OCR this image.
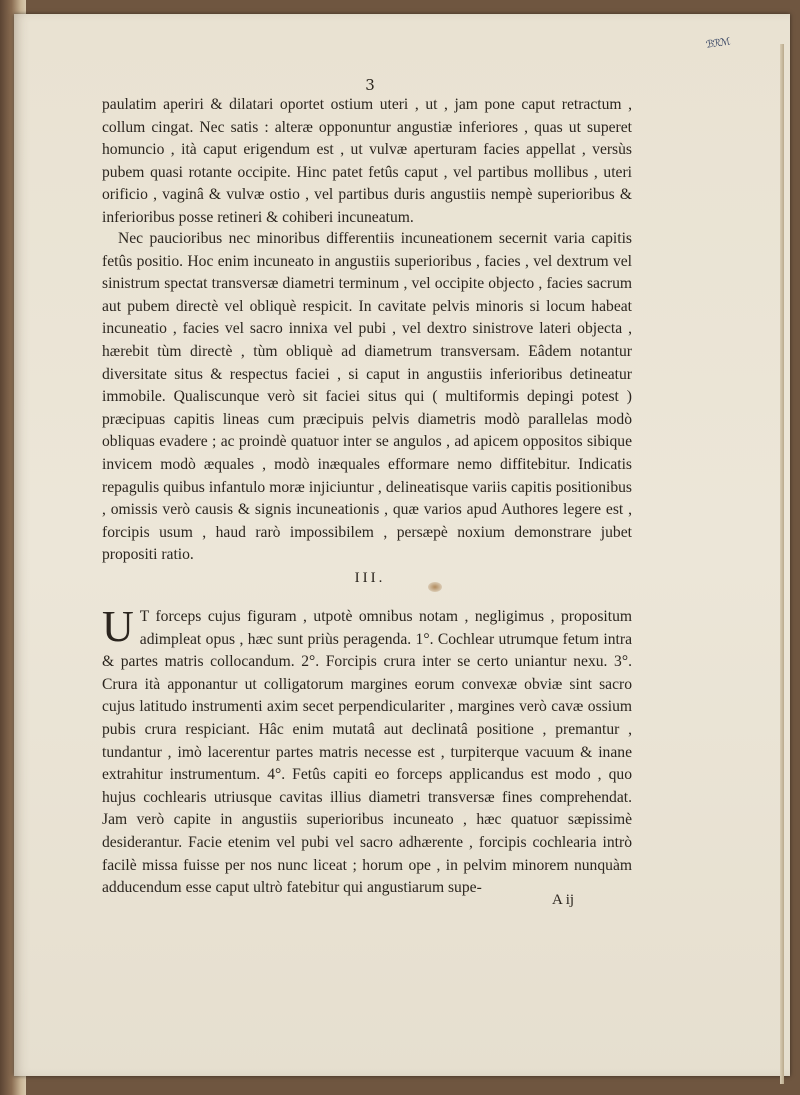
ℬℛℳ
3
paulatim aperiri & dilatari oportet ostium uteri , ut , jam pone caput retractum , collum cingat. Nec satis : alteræ opponuntur angustiæ inferiores , quas ut superet homuncio , ità caput erigendum est , ut vulvæ aperturam facies appellat , versùs pubem quasi rotante occipite. Hinc patet fetûs caput , vel partibus mollibus , uteri orificio , vaginâ & vulvæ ostio , vel partibus duris angustiis nempè superioribus & inferioribus posse retineri & cohiberi incuneatum.
Nec paucioribus nec minoribus differentiis incuneationem secernit varia capitis fetûs positio. Hoc enim incuneato in angustiis superioribus , facies , vel dextrum vel sinistrum spectat transversæ diametri terminum , vel occipite objecto , facies sacrum aut pubem directè vel obliquè respicit. In cavitate pelvis minoris si locum habeat incuneatio , facies vel sacro innixa vel pubi , vel dextro sinistrove lateri objecta , hærebit tùm directè , tùm obliquè ad diametrum transversam. Eâdem notantur diversitate situs & respectus faciei , si caput in angustiis inferioribus detineatur immobile. Qualiscunque verò sit faciei situs qui ( multiformis depingi potest ) præcipuas capitis lineas cum præcipuis pelvis diametris modò parallelas modò obliquas evadere ; ac proindè quatuor inter se angulos , ad apicem oppositos sibique invicem modò æquales , modò inæquales efformare nemo diffitebitur. Indicatis repagulis quibus infantulo moræ injiciuntur , delineatisque variis capitis positionibus , omissis verò causis & signis incuneationis , quæ varios apud Authores legere est , forcipis usum , haud rarò impossibilem , persæpè noxium demonstrare jubet propositi ratio.
III.
U T forceps cujus figuram , utpotè omnibus notam , negligimus , propositum adimpleat opus , hæc sunt priùs peragenda. 1°. Cochlear utrumque fetum intra & partes matris collocandum. 2°. Forcipis crura inter se certo uniantur nexu. 3°. Crura ità apponantur ut colligatorum margines eorum convexæ obviæ sint sacro cujus latitudo instrumenti axim secet perpendiculariter , margines verò cavæ ossium pubis crura respiciant. Hâc enim mutatâ aut declinatâ positione , premantur , tundantur , imò lacerentur partes matris necesse est , turpiterque vacuum & inane extrahitur instrumentum. 4°. Fetûs capiti eo forceps applicandus est modo , quo hujus cochlearis utriusque cavitas illius diametri transversæ fines comprehendat. Jam verò capite in angustiis superioribus incuneato , hæc quatuor sæpissimè desiderantur. Facie etenim vel pubi vel sacro adhærente , forcipis cochlearia intrò facilè missa fuisse per nos nunc liceat ; horum ope , in pelvim minorem nunquàm adducendum esse caput ultrò fatebitur qui angustiarum supe-
A ij
